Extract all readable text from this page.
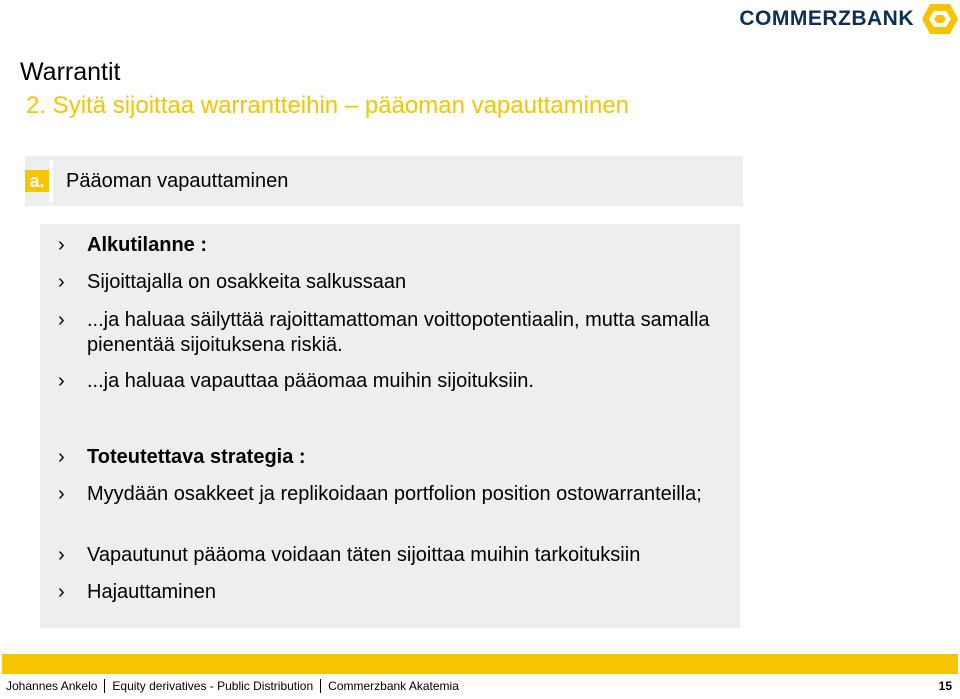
COMMERZBANK
Warrantit
2. Syitä sijoittaa warrantteihin – pääoman vapauttaminen
a. Pääoman vapauttaminen
›	Alkutilanne :
›	Sijoittajalla on osakkeita salkussaan
›	...ja haluaa säilyttää rajoittamattoman voittopotentiaalin, mutta samalla pienentää sijoituksena riskiä.
›	...ja haluaa vapauttaa pääomaa muihin sijoituksiin.
›	Toteutettava strategia :
›	Myydään osakkeet ja replikoidaan portfolion position ostowarranteilla;
›	Vapautunut pääoma voidaan täten sijoittaa muihin tarkoituksiin
›	Hajauttaminen
Johannes Ankelo Equity derivatives - Public Distribution Commerzbank Akatemia	15
